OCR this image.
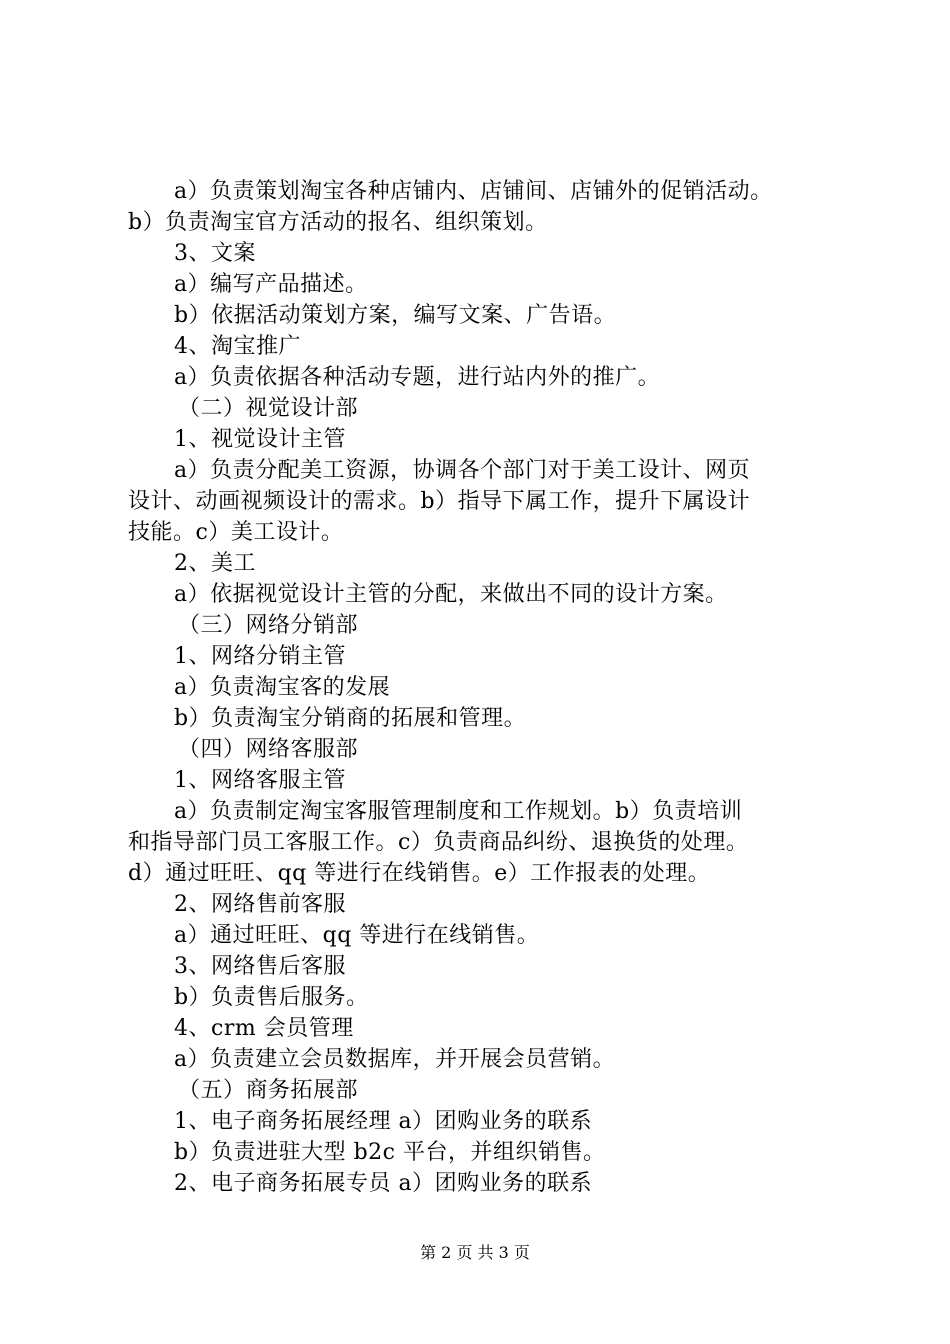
a）负责策划淘宝各种店铺内、店铺间、店铺外的促销活动。
b）负责淘宝官方活动的报名、组织策划。
3、文案
a）编写产品描述。
b）依据活动策划方案，编写文案、广告语。
4、淘宝推广
a）负责依据各种活动专题，进行站内外的推广。
（二）视觉设计部
1、视觉设计主管
a）负责分配美工资源，协调各个部门对于美工设计、网页
设计、动画视频设计的需求。b）指导下属工作，提升下属设计
技能。c）美工设计。
2、美工
a）依据视觉设计主管的分配，来做出不同的设计方案。
（三）网络分销部
1、网络分销主管
a）负责淘宝客的发展
b）负责淘宝分销商的拓展和管理。
（四）网络客服部
1、网络客服主管
a）负责制定淘宝客服管理制度和工作规划。b）负责培训
和指导部门员工客服工作。c）负责商品纠纷、退换货的处理。
d）通过旺旺、qq 等进行在线销售。e）工作报表的处理。
2、网络售前客服
a）通过旺旺、qq 等进行在线销售。
3、网络售后客服
b）负责售后服务。
4、crm 会员管理
a）负责建立会员数据库，并开展会员营销。
（五）商务拓展部
1、电子商务拓展经理 a）团购业务的联系
b）负责进驻大型 b2c 平台，并组织销售。
2、电子商务拓展专员 a）团购业务的联系
第 2 页 共 3 页
